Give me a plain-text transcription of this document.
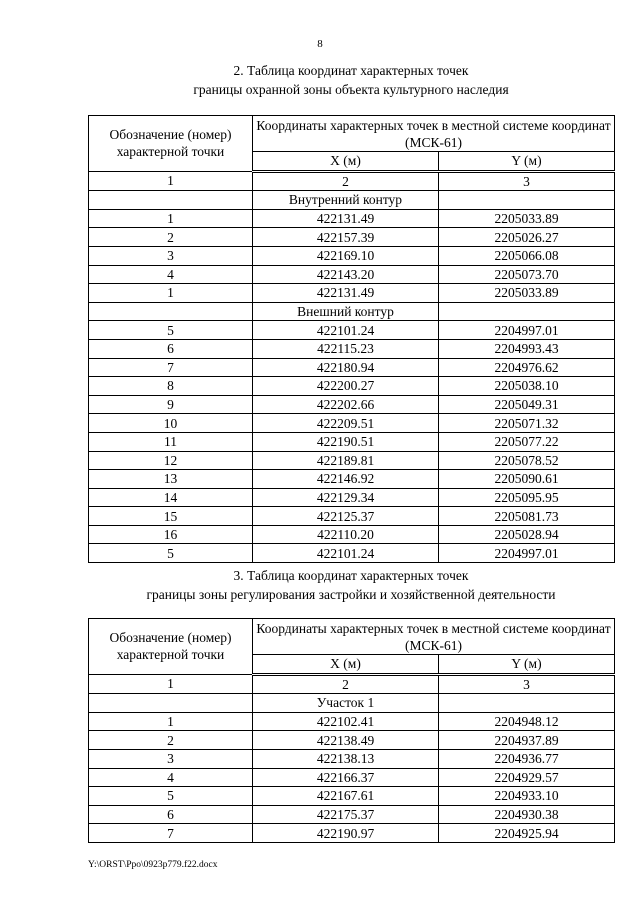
8
2. Таблица координат характерных точек
границы охранной зоны объекта культурного наследия
Обозначение (номер) характерной точки	Координаты характерных точек в местной системе координат (МСК-61)	
	X (м)	Y (м)
1	2	3
	Внутренний контур	
1	422131.49	2205033.89
2	422157.39	2205026.27
3	422169.10	2205066.08
4	422143.20	2205073.70
1	422131.49	2205033.89
	Внешний контур	
5	422101.24	2204997.01
6	422115.23	2204993.43
7	422180.94	2204976.62
8	422200.27	2205038.10
9	422202.66	2205049.31
10	422209.51	2205071.32
11	422190.51	2205077.22
12	422189.81	2205078.52
13	422146.92	2205090.61
14	422129.34	2205095.95
15	422125.37	2205081.73
16	422110.20	2205028.94
5	422101.24	2204997.01
3. Таблица координат характерных точек
границы зоны регулирования застройки и хозяйственной деятельности
Обозначение (номер) характерной точки	Координаты характерных точек в местной системе координат (МСК-61)	
	X (м)	Y (м)
1	2	3
	Участок 1	
1	422102.41	2204948.12
2	422138.49	2204937.89
3	422138.13	2204936.77
4	422166.37	2204929.57
5	422167.61	2204933.10
6	422175.37	2204930.38
7	422190.97	2204925.94
Y:\ORST\Ppo\0923p779.f22.docx
